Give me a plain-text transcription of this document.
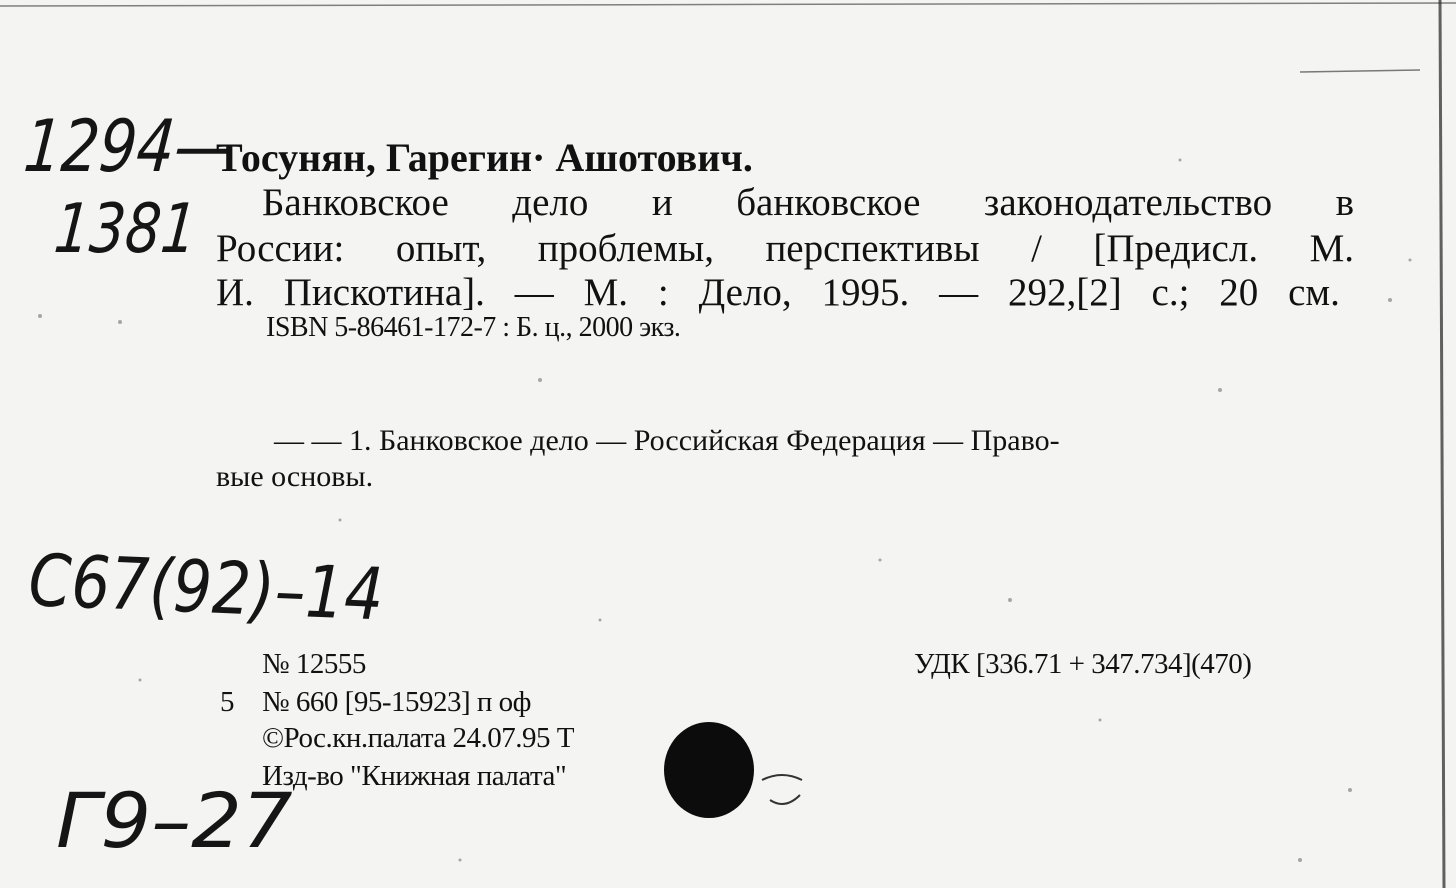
1294—
1381
Тосунян, Гарегин· Ашотович.
Банковское дело и банковское законодательство в
России: опыт, проблемы, перспективы / [Предисл. М.
И. Пискотина]. — М. : Дело, 1995. — 292,[2] с.; 20 см.
ISBN 5-86461-172-7 : Б. ц., 2000 экз.
— — 1. Банковское дело — Российская Федерация — Право-
вые основы.
С67(92)–14
№ 12555	УДК [336.71 + 347.734](470)
5 № 660 [95-15923] п оф
©Рос.кн.палата 24.07.95 Т
Изд-во "Книжная палата"
Г9–27
